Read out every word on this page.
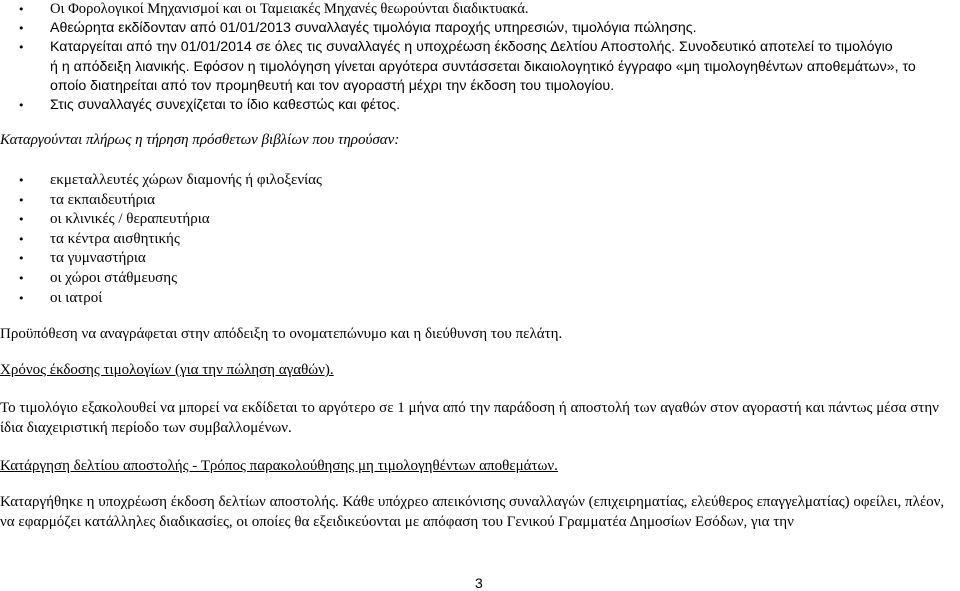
• Οι Φορολογικοί Μηχανισμοί και οι Ταμειακές Μηχανές θεωρούνται διαδικτυακά.
• Αθεώρητα εκδίδονταν από 01/01/2013 συναλλαγές τιμολόγια παροχής υπηρεσιών, τιμολόγια πώλησης.
• Καταργείται από την 01/01/2014 σε όλες τις συναλλαγές η υποχρέωση έκδοσης Δελτίου Αποστολής. Συνοδευτικό αποτελεί το τιμολόγιο
ή η απόδειξη λιανικής. Εφόσον η τιμολόγηση γίνεται αργότερα συντάσσεται δικαιολογητικό έγγραφο «μη τιμολογηθέντων αποθεμάτων», το οποίο διατηρείται από τον προμηθευτή και τον αγοραστή μέχρι την έκδοση του τιμολογίου.
• Στις συναλλαγές συνεχίζεται το ίδιο καθεστώς και φέτος.
Καταργούνται πλήρως η τήρηση πρόσθετων βιβλίων που τηρούσαν:
• εκμεταλλευτές χώρων διαμονής ή φιλοξενίας
• τα εκπαιδευτήρια
• οι κλινικές / θεραπευτήρια
• τα κέντρα αισθητικής
• τα γυμναστήρια
• οι χώροι στάθμευσης
• οι ιατροί
Προϋπόθεση να αναγράφεται στην απόδειξη το ονοματεπώνυμο και η διεύθυνση του πελάτη.
Χρόνος έκδοσης τιμολογίων (για την πώληση αγαθών).
Το τιμολόγιο εξακολουθεί να μπορεί να εκδίδεται το αργότερο σε 1 μήνα από την παράδοση ή αποστολή των αγαθών στον αγοραστή και πάντως μέσα στην ίδια διαχειριστική περίοδο των συμβαλλομένων.
Κατάργηση δελτίου αποστολής - Τρόπος παρακολούθησης μη τιμολογηθέντων αποθεμάτων.
Καταργήθηκε η υποχρέωση έκδοση δελτίων αποστολής. Κάθε υπόχρεο απεικόνισης συναλλαγών (επιχειρηματίας, ελεύθερος επαγγελματίας) οφείλει, πλέον, να εφαρμόζει κατάλληλες διαδικασίες, οι οποίες θα εξειδικεύονται με απόφαση του Γενικού Γραμματέα Δημοσίων Εσόδων, για την
3
